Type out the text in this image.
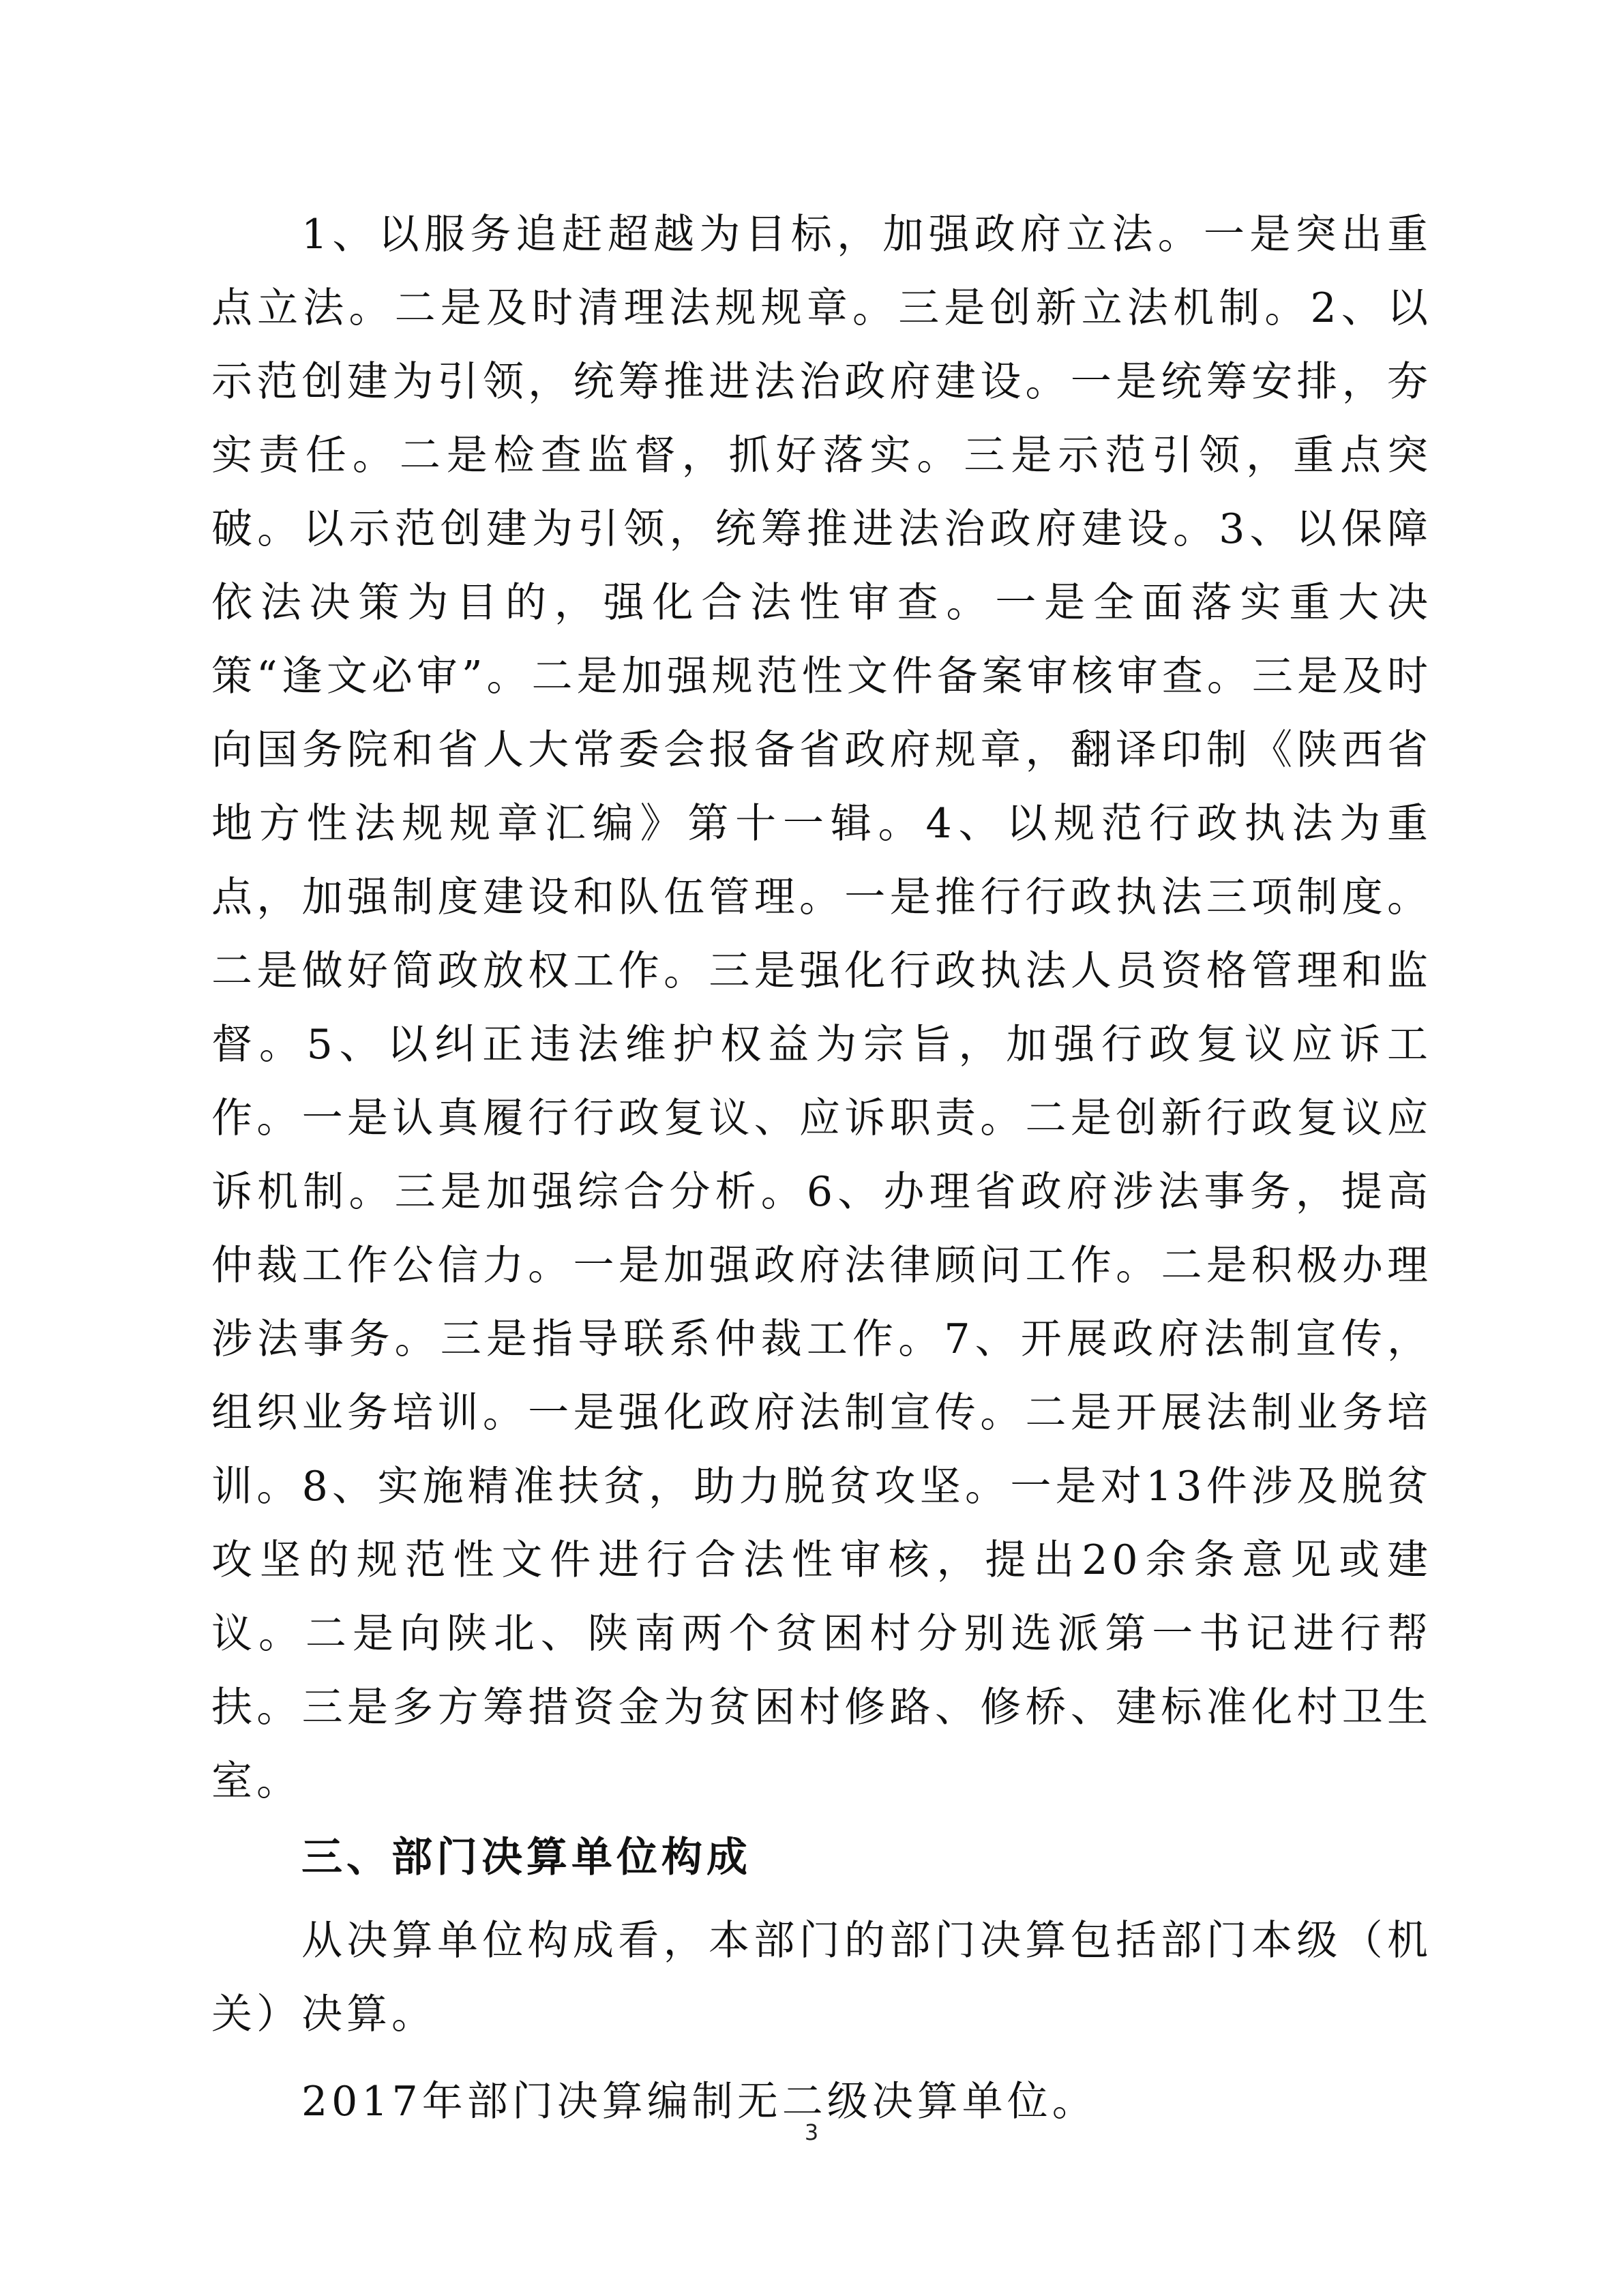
1、以服务追赶超越为目标，加强政府立法。一是突出重点立法。二是及时清理法规规章。三是创新立法机制。2、以示范创建为引领，统筹推进法治政府建设。一是统筹安排，夯实责任。二是检查监督，抓好落实。三是示范引领，重点突破。以示范创建为引领，统筹推进法治政府建设。3、以保障依法决策为目的，强化合法性审查。一是全面落实重大决策“逢文必审”。二是加强规范性文件备案审核审查。三是及时向国务院和省人大常委会报备省政府规章，翻译印制《陕西省地方性法规规章汇编》第十一辑。4、以规范行政执法为重点，加强制度建设和队伍管理。一是推行行政执法三项制度。二是做好简政放权工作。三是强化行政执法人员资格管理和监督。5、以纠正违法维护权益为宗旨，加强行政复议应诉工作。一是认真履行行政复议、应诉职责。二是创新行政复议应诉机制。三是加强综合分析。6、办理省政府涉法事务，提高仲裁工作公信力。一是加强政府法律顾问工作。二是积极办理涉法事务。三是指导联系仲裁工作。7、开展政府法制宣传，组织业务培训。一是强化政府法制宣传。二是开展法制业务培训。8、实施精准扶贫，助力脱贫攻坚。一是对13件涉及脱贫攻坚的规范性文件进行合法性审核，提出20余条意见或建议。二是向陕北、陕南两个贫困村分别选派第一书记进行帮扶。三是多方筹措资金为贫困村修路、修桥、建标准化村卫生室。

三、部门决算单位构成

从决算单位构成看，本部门的部门决算包括部门本级（机关）决算。

2017年部门决算编制无二级决算单位。

3
